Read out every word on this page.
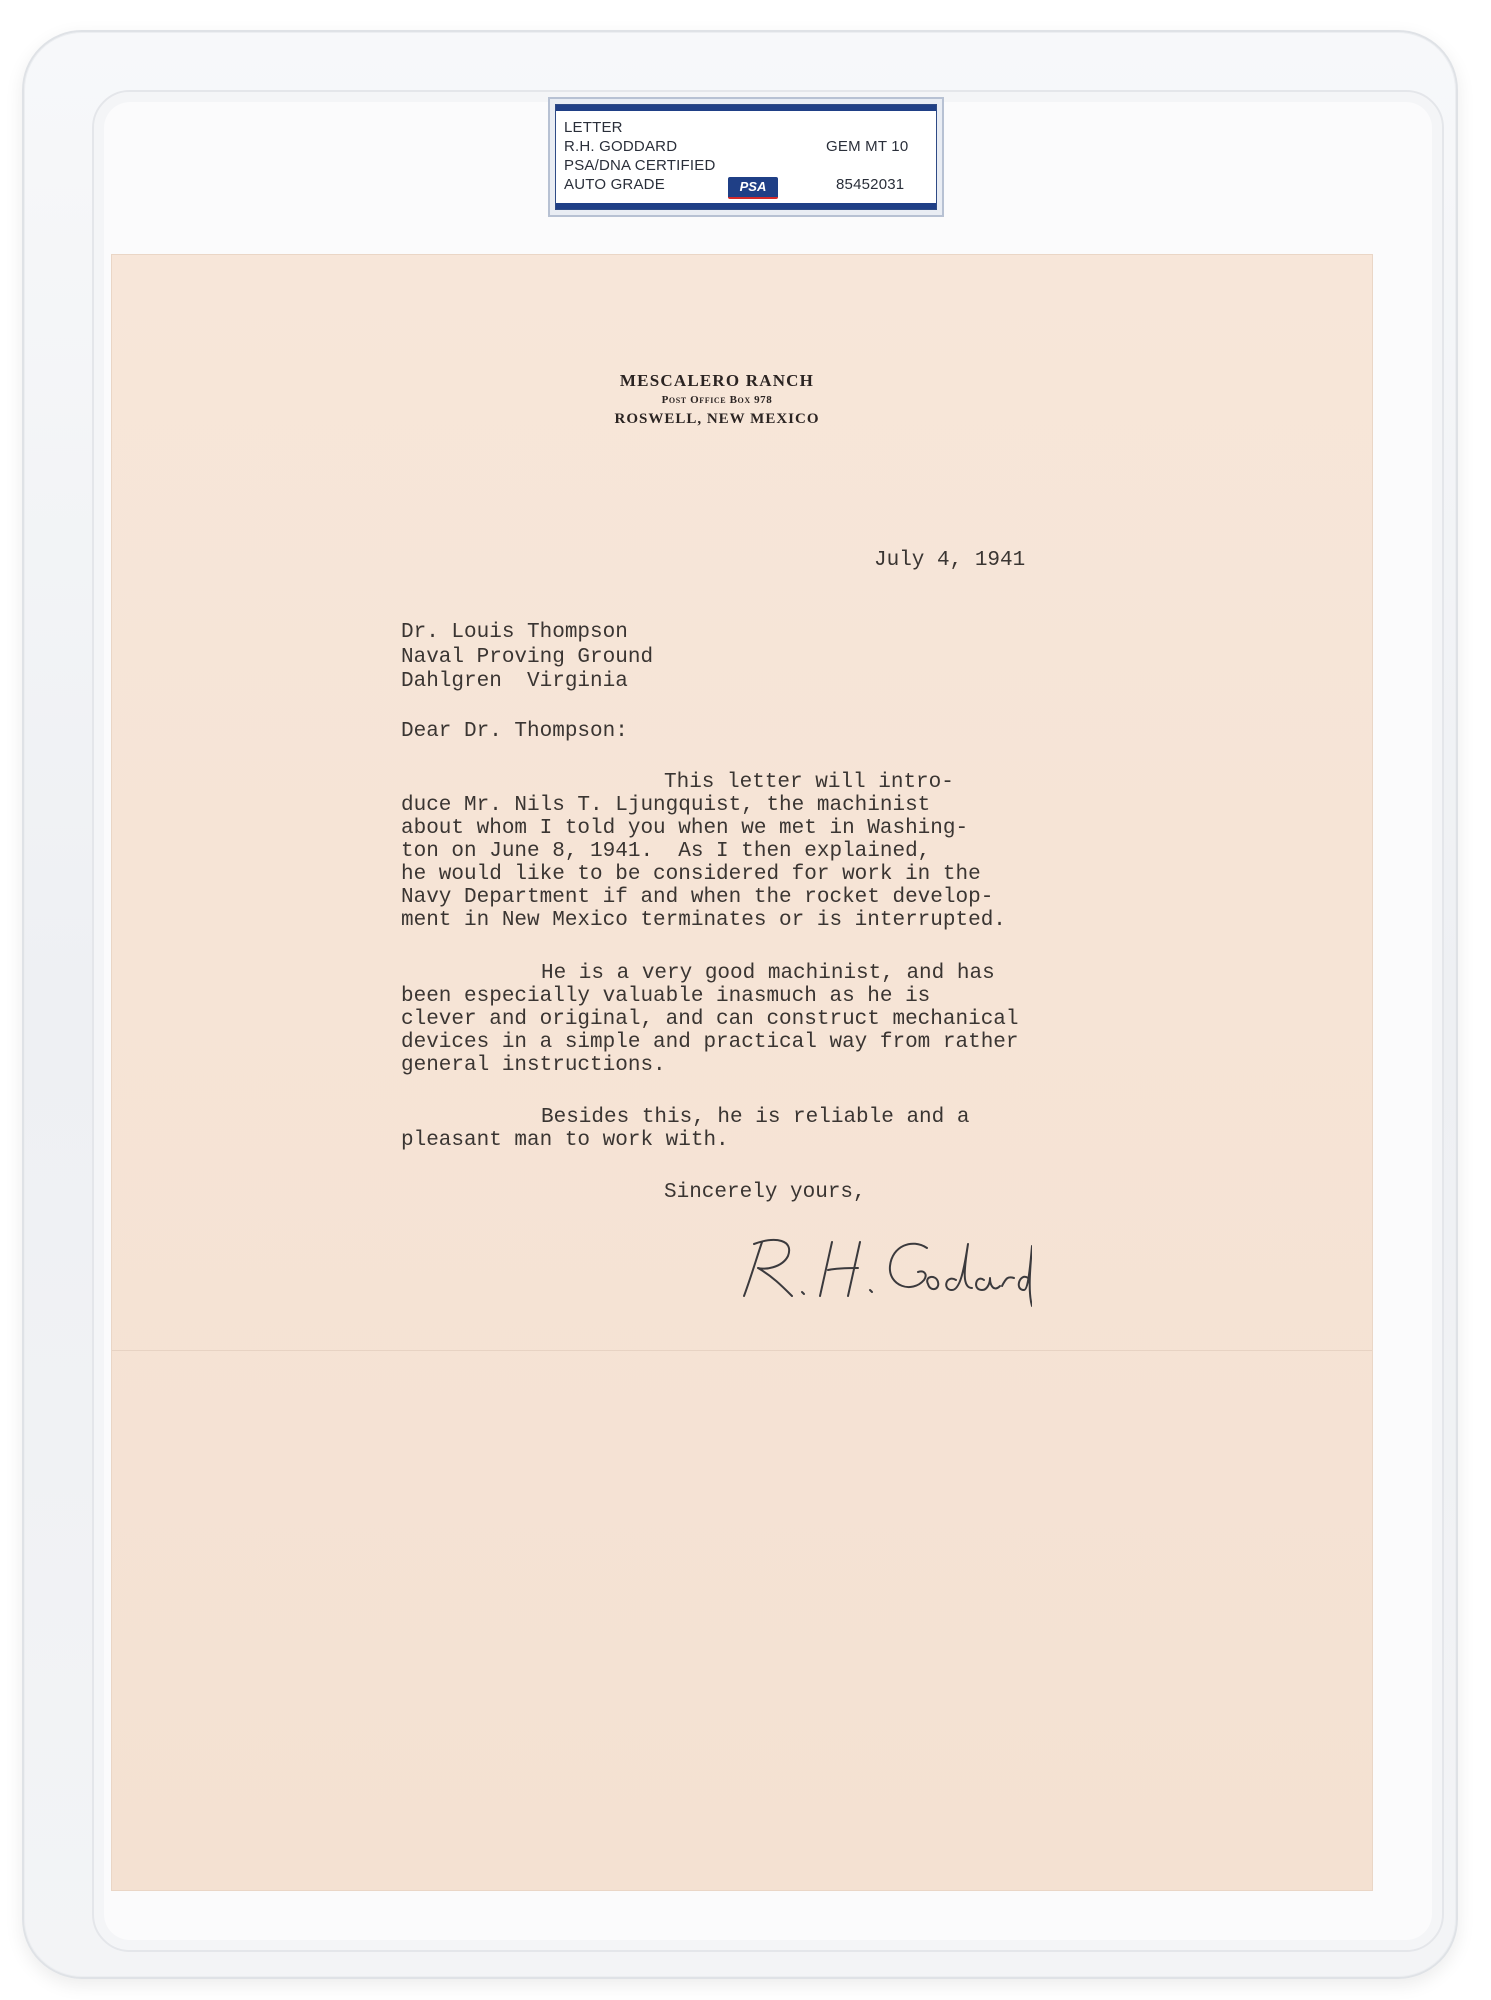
LETTER
R.H. GODDARD	GEM MT 10
PSA/DNA CERTIFIED
AUTO GRADE	PSA	85452031
MESCALERO RANCH
Post Office Box 978
ROSWELL, NEW MEXICO
July 4, 1941
Dr. Louis Thompson
Naval Proving Ground
Dahlgren  Virginia
Dear Dr. Thompson:
This letter will intro-
duce Mr. Nils T. Ljungquist, the machinist
about whom I told you when we met in Washing-
ton on June 8, 1941.  As I then explained,
he would like to be considered for work in the
Navy Department if and when the rocket develop-
ment in New Mexico terminates or is interrupted.
He is a very good machinist, and has
been especially valuable inasmuch as he is
clever and original, and can construct mechanical
devices in a simple and practical way from rather
general instructions.
Besides this, he is reliable and a
pleasant man to work with.
Sincerely yours,
